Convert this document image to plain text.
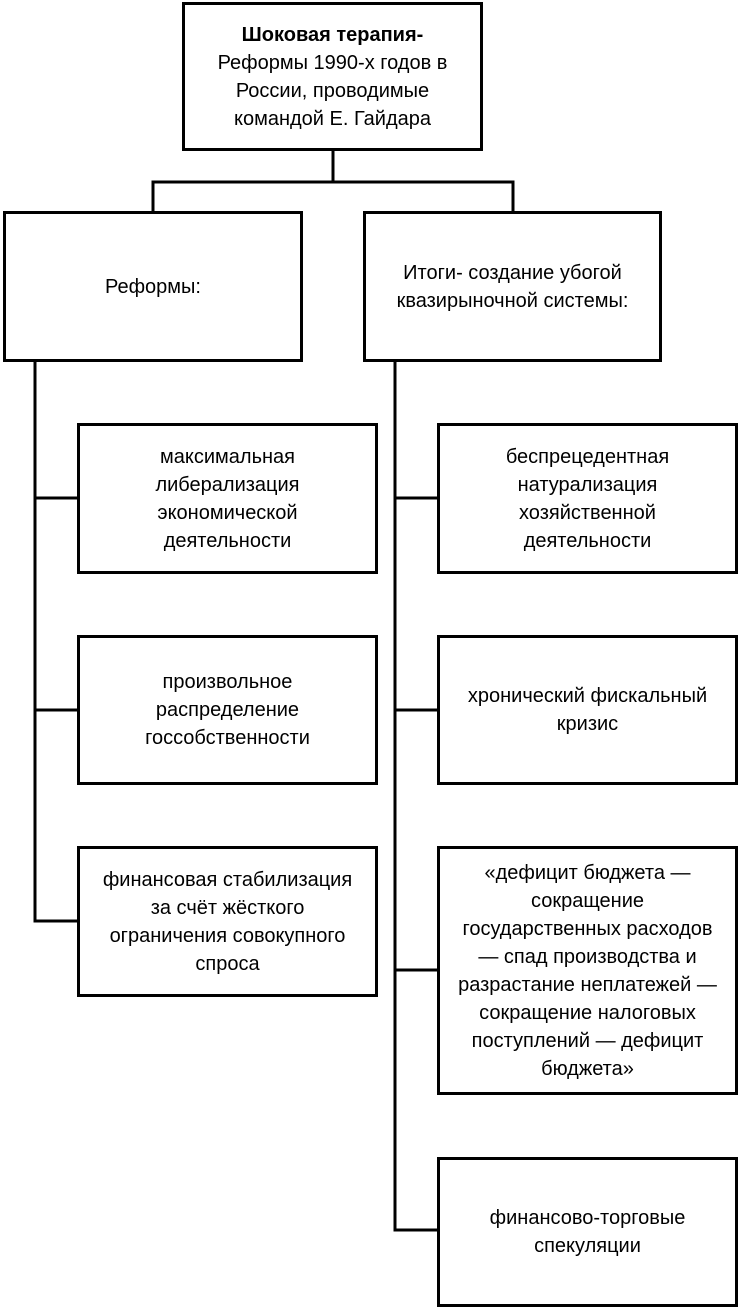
Шоковая терапия-
Реформы 1990-х годов в
России, проводимые
командой Е. Гайдара
Реформы:
Итоги- создание убогой
квазирыночной системы:
максимальная
либерализация
экономической
деятельности
произвольное
распределение
госсобственности
финансовая стабилизация
за счёт жёсткого
ограничения совокупного
спроса
беспрецедентная
натурализация
хозяйственной
деятельности
хронический фискальный
кризис
«дефицит бюджета —
сокращение
государственных расходов
— спад производства и
разрастание неплатежей —
сокращение налоговых
поступлений — дефицит
бюджета»
финансово-торговые
спекуляции
